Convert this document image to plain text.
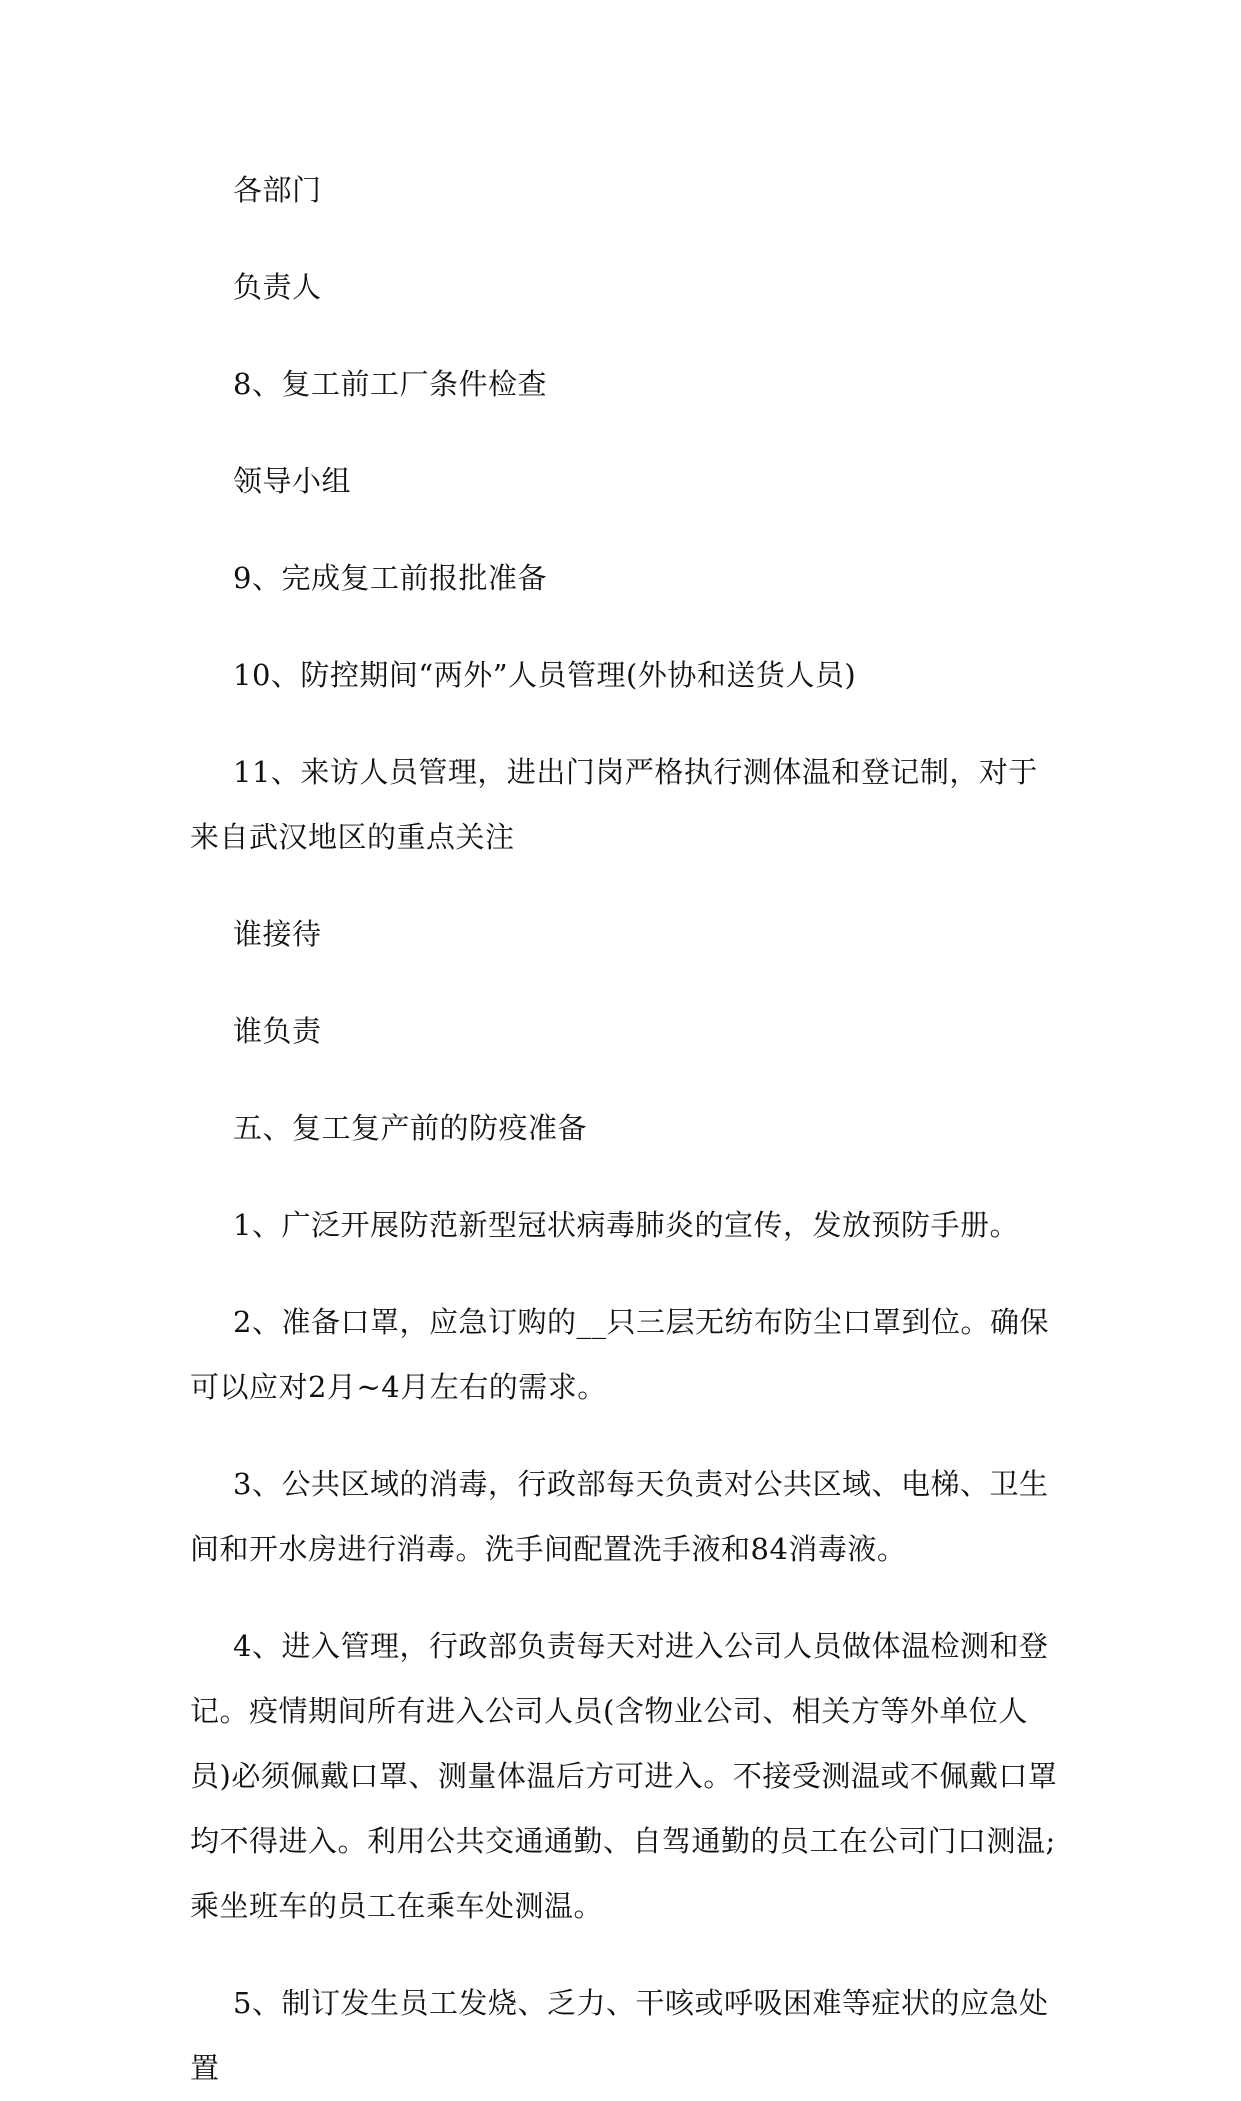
各部门

负责人

8、复工前工厂条件检查

领导小组

9、完成复工前报批准备

10、防控期间“两外”人员管理(外协和送货人员)

11、来访人员管理，进出门岗严格执行测体温和登记制，对于来自武汉地区的重点关注

谁接待

谁负责

五、复工复产前的防疫准备

1、广泛开展防范新型冠状病毒肺炎的宣传，发放预防手册。

2、准备口罩，应急订购的__只三层无纺布防尘口罩到位。确保可以应对2月~4月左右的需求。

3、公共区域的消毒，行政部每天负责对公共区域、电梯、卫生间和开水房进行消毒。洗手间配置洗手液和84消毒液。

4、进入管理，行政部负责每天对进入公司人员做体温检测和登记。疫情期间所有进入公司人员(含物业公司、相关方等外单位人员)必须佩戴口罩、测量体温后方可进入。不接受测温或不佩戴口罩均不得进入。利用公共交通通勤、自驾通勤的员工在公司门口测温;乘坐班车的员工在乘车处测温。

5、制订发生员工发烧、乏力、干咳或呼吸困难等症状的应急处置
